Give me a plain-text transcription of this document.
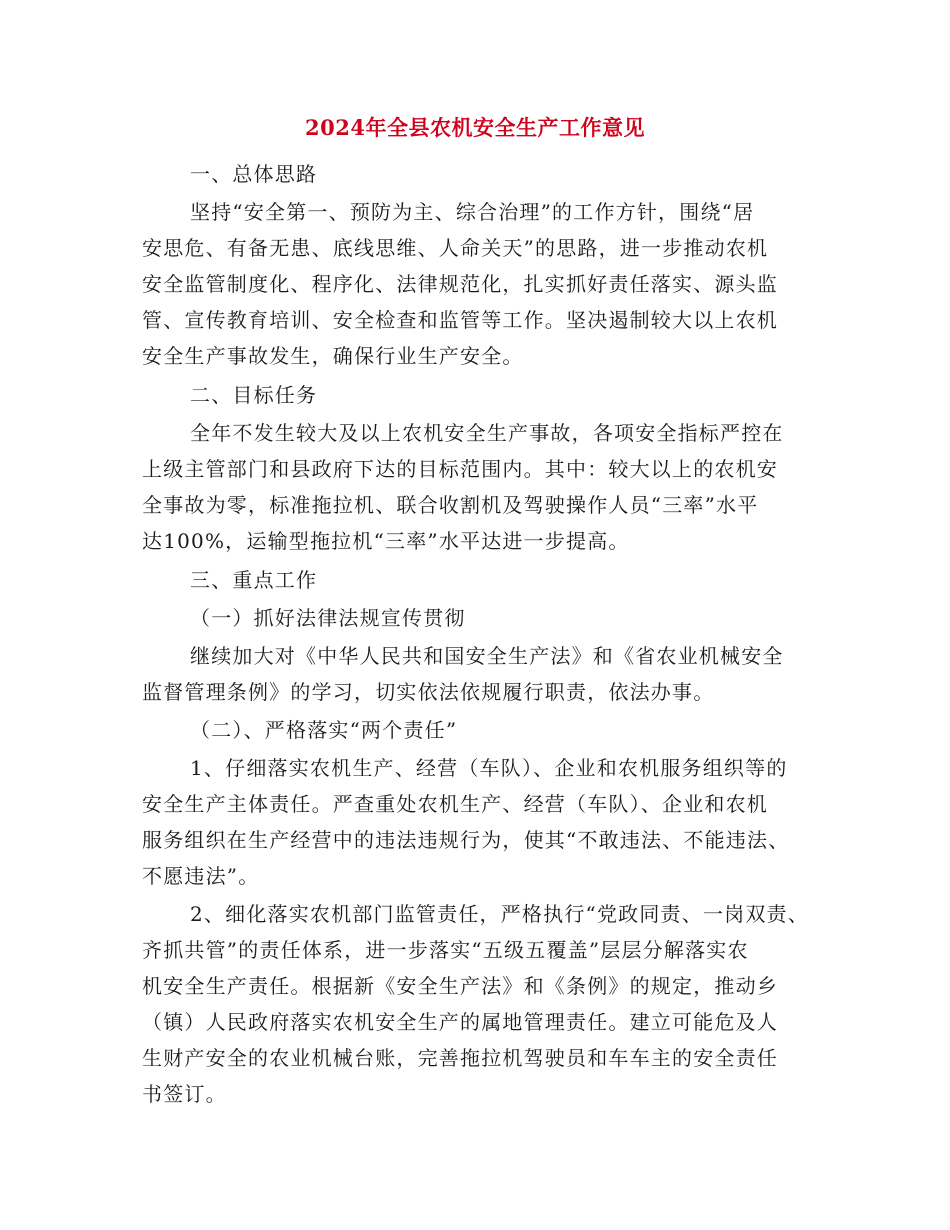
2024年全县农机安全生产工作意见
一、总体思路
坚持“安全第一、预防为主、综合治理”的工作方针，围绕“居
安思危、有备无患、底线思维、人命关天”的思路，进一步推动农机
安全监管制度化、程序化、法律规范化，扎实抓好责任落实、源头监
管、宣传教育培训、安全检查和监管等工作。坚决遏制较大以上农机
安全生产事故发生，确保行业生产安全。
二、目标任务
全年不发生较大及以上农机安全生产事故，各项安全指标严控在
上级主管部门和县政府下达的目标范围内。其中：较大以上的农机安
全事故为零，标准拖拉机、联合收割机及驾驶操作人员“三率”水平
达100%，运输型拖拉机“三率”水平达进一步提高。
三、重点工作
（一）抓好法律法规宣传贯彻
继续加大对《中华人民共和国安全生产法》和《省农业机械安全
监督管理条例》的学习，切实依法依规履行职责，依法办事。
（二）、严格落实“两个责任”
1、仔细落实农机生产、经营（车队）、企业和农机服务组织等的
安全生产主体责任。严查重处农机生产、经营（车队）、企业和农机
服务组织在生产经营中的违法违规行为，使其“不敢违法、不能违法、
不愿违法”。
2、细化落实农机部门监管责任，严格执行“党政同责、一岗双责、
齐抓共管”的责任体系，进一步落实“五级五覆盖”层层分解落实农
机安全生产责任。根据新《安全生产法》和《条例》的规定，推动乡
（镇）人民政府落实农机安全生产的属地管理责任。建立可能危及人
生财产安全的农业机械台账，完善拖拉机驾驶员和车车主的安全责任
书签订。
